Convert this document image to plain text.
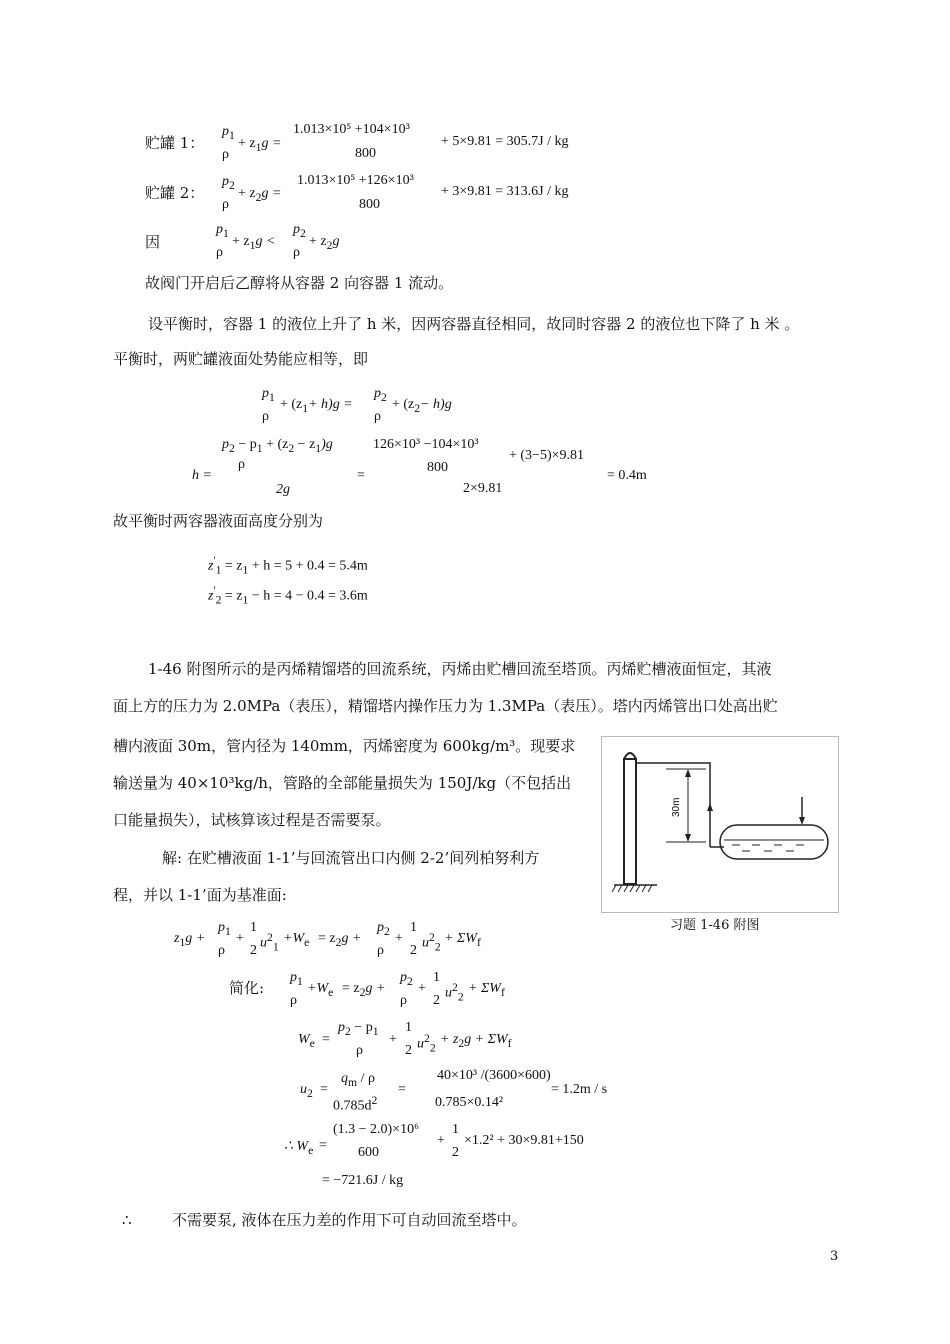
贮罐 1：
$p_1$
ρ
+ $z_1g$ =
1.013×10⁵ +104×10³
800
+ 5×9.81 = 305.7J / kg
贮罐 2：
$p_2$
ρ
+ $z_2g$ =
1.013×10⁵ +126×10³
800
+ 3×9.81 = 313.6J / kg
因
$p_1$
ρ
+ $z_1g$ <
$p_2$
ρ
+ $z_2g$
故阀门开启后乙醇将从容器 2 向容器 1 流动。
设平衡时，容器 1 的液位上升了 h 米，因两容器直径相同，故同时容器 2 的液位也下降了 h 米 。
平衡时，两贮罐液面处势能应相等，即
$p_1$
ρ
+ $(z_1+ h)g$ =
$p_2$
ρ
+ $(z_2- h)g$
h =
$p_2 - p_1 + (z_2 - z_1)g$
ρ
2g
=
126×10³ −104×10³
800
+ (3−5)×9.81
2×9.81
= 0.4m
故平衡时两容器液面高度分别为
$z'_1 = z_1 + h = 5 + 0.4 = 5.4m$
$z'_2 = z_1 - h = 4 - 0.4 = 3.6m$
1-46 附图所示的是丙烯精馏塔的回流系统，丙烯由贮槽回流至塔顶。丙烯贮槽液面恒定，其液
面上方的压力为 2.0MPa（表压），精馏塔内操作压力为 1.3MPa（表压）。塔内丙烯管出口处高出贮
槽内液面 30m，管内径为 140mm，丙烯密度为 600kg/m³。现要求
输送量为 40×10³kg/h，管路的全部能量损失为 150J/kg（不包括出
口能量损失），试核算该过程是否需要泵。
解: 在贮槽液面 1-1’与回流管出口内侧 2-2’间列柏努利方
程，并以 1-1’面为基准面:
30m
习题 1-46 附图
$z_1g$ +
$p_1$
ρ
+
1
2 $u^2_1$
$+W_e = z_2g$ +
$p_2$
ρ
+
1
2 $u^2_2$
+ $\Sigma W_f$
简化:
$p_1$
ρ
$+W_e = z_2g$ +
$p_2$
ρ
+
1
2 $u^2_2$
+ $\Sigma W_f$
$W_e$ =
$p_2 - p_1$
ρ
+
1
2 $u^2_2$
+ $z_2g + \Sigma W_f$
$u_2$ =
$q_m$ / ρ
$0.785d^2$
=
40×10³ /(3600×600)
0.785×0.14²
= 1.2m / s
∴ $W_e$ =
(1.3 − 2.0)×10⁶
600
+
1
2
×1.2² + 30×9.81+150
= −721.6J / kg
∴	不需要泵, 液体在压力差的作用下可自动回流至塔中。
3
